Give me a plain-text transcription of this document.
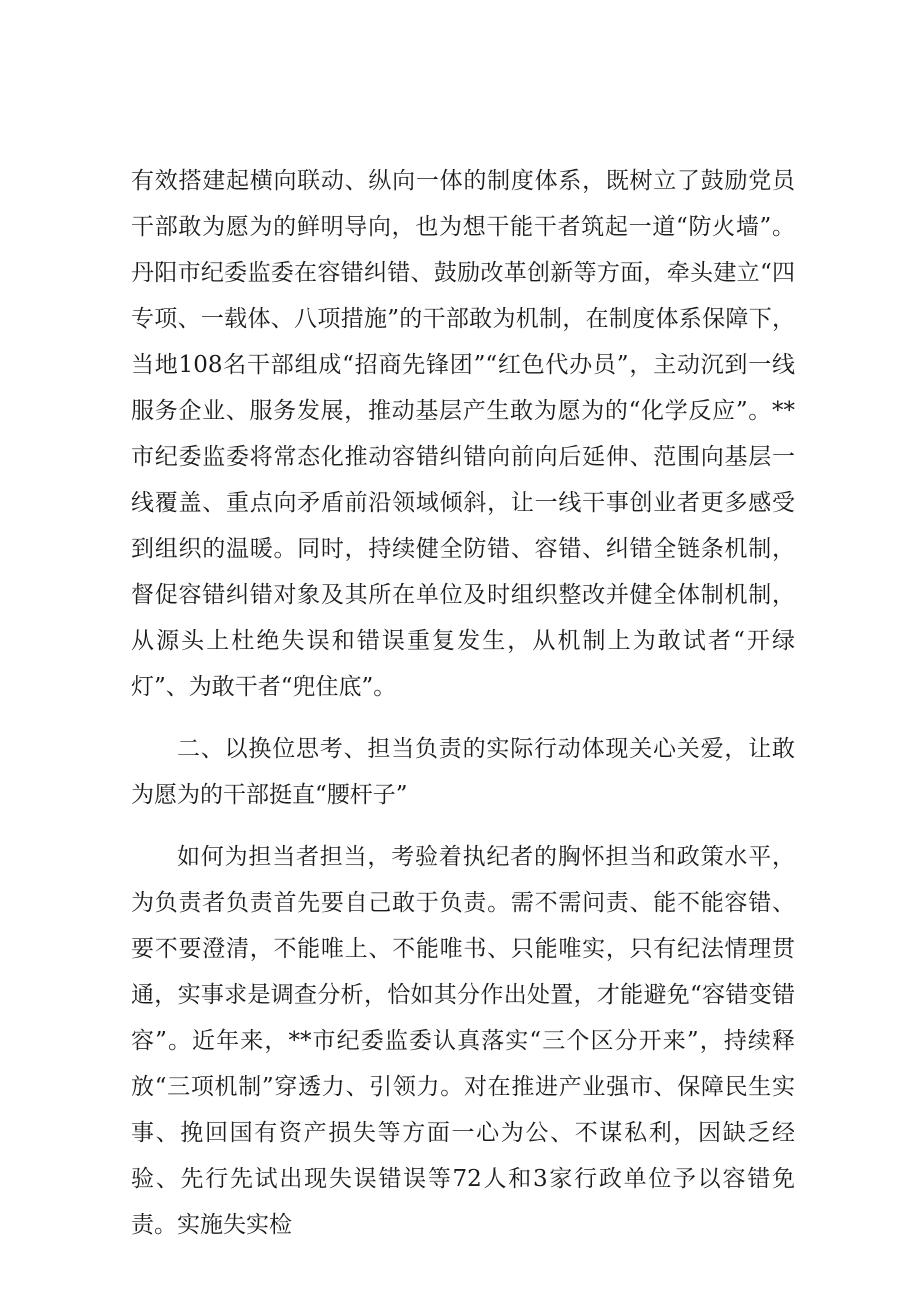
有效搭建起横向联动、纵向一体的制度体系，既树立了鼓励党员干部敢为愿为的鲜明导向，也为想干能干者筑起一道“防火墙”。丹阳市纪委监委在容错纠错、鼓励改革创新等方面，牵头建立“四专项、一载体、八项措施”的干部敢为机制，在制度体系保障下，当地108名干部组成“招商先锋团”“红色代办员”，主动沉到一线服务企业、服务发展，推动基层产生敢为愿为的“化学反应”。**市纪委监委将常态化推动容错纠错向前向后延伸、范围向基层一线覆盖、重点向矛盾前沿领域倾斜，让一线干事创业者更多感受到组织的温暖。同时，持续健全防错、容错、纠错全链条机制，督促容错纠错对象及其所在单位及时组织整改并健全体制机制，从源头上杜绝失误和错误重复发生，从机制上为敢试者“开绿灯”、为敢干者“兜住底”。

二、以换位思考、担当负责的实际行动体现关心关爱，让敢为愿为的干部挺直“腰杆子”

如何为担当者担当，考验着执纪者的胸怀担当和政策水平，为负责者负责首先要自己敢于负责。需不需问责、能不能容错、要不要澄清，不能唯上、不能唯书、只能唯实，只有纪法情理贯通，实事求是调查分析，恰如其分作出处置，才能避免“容错变错容”。近年来，**市纪委监委认真落实“三个区分开来”，持续释放“三项机制”穿透力、引领力。对在推进产业强市、保障民生实事、挽回国有资产损失等方面一心为公、不谋私利，因缺乏经验、先行先试出现失误错误等72人和3家行政单位予以容错免责。实施失实检
